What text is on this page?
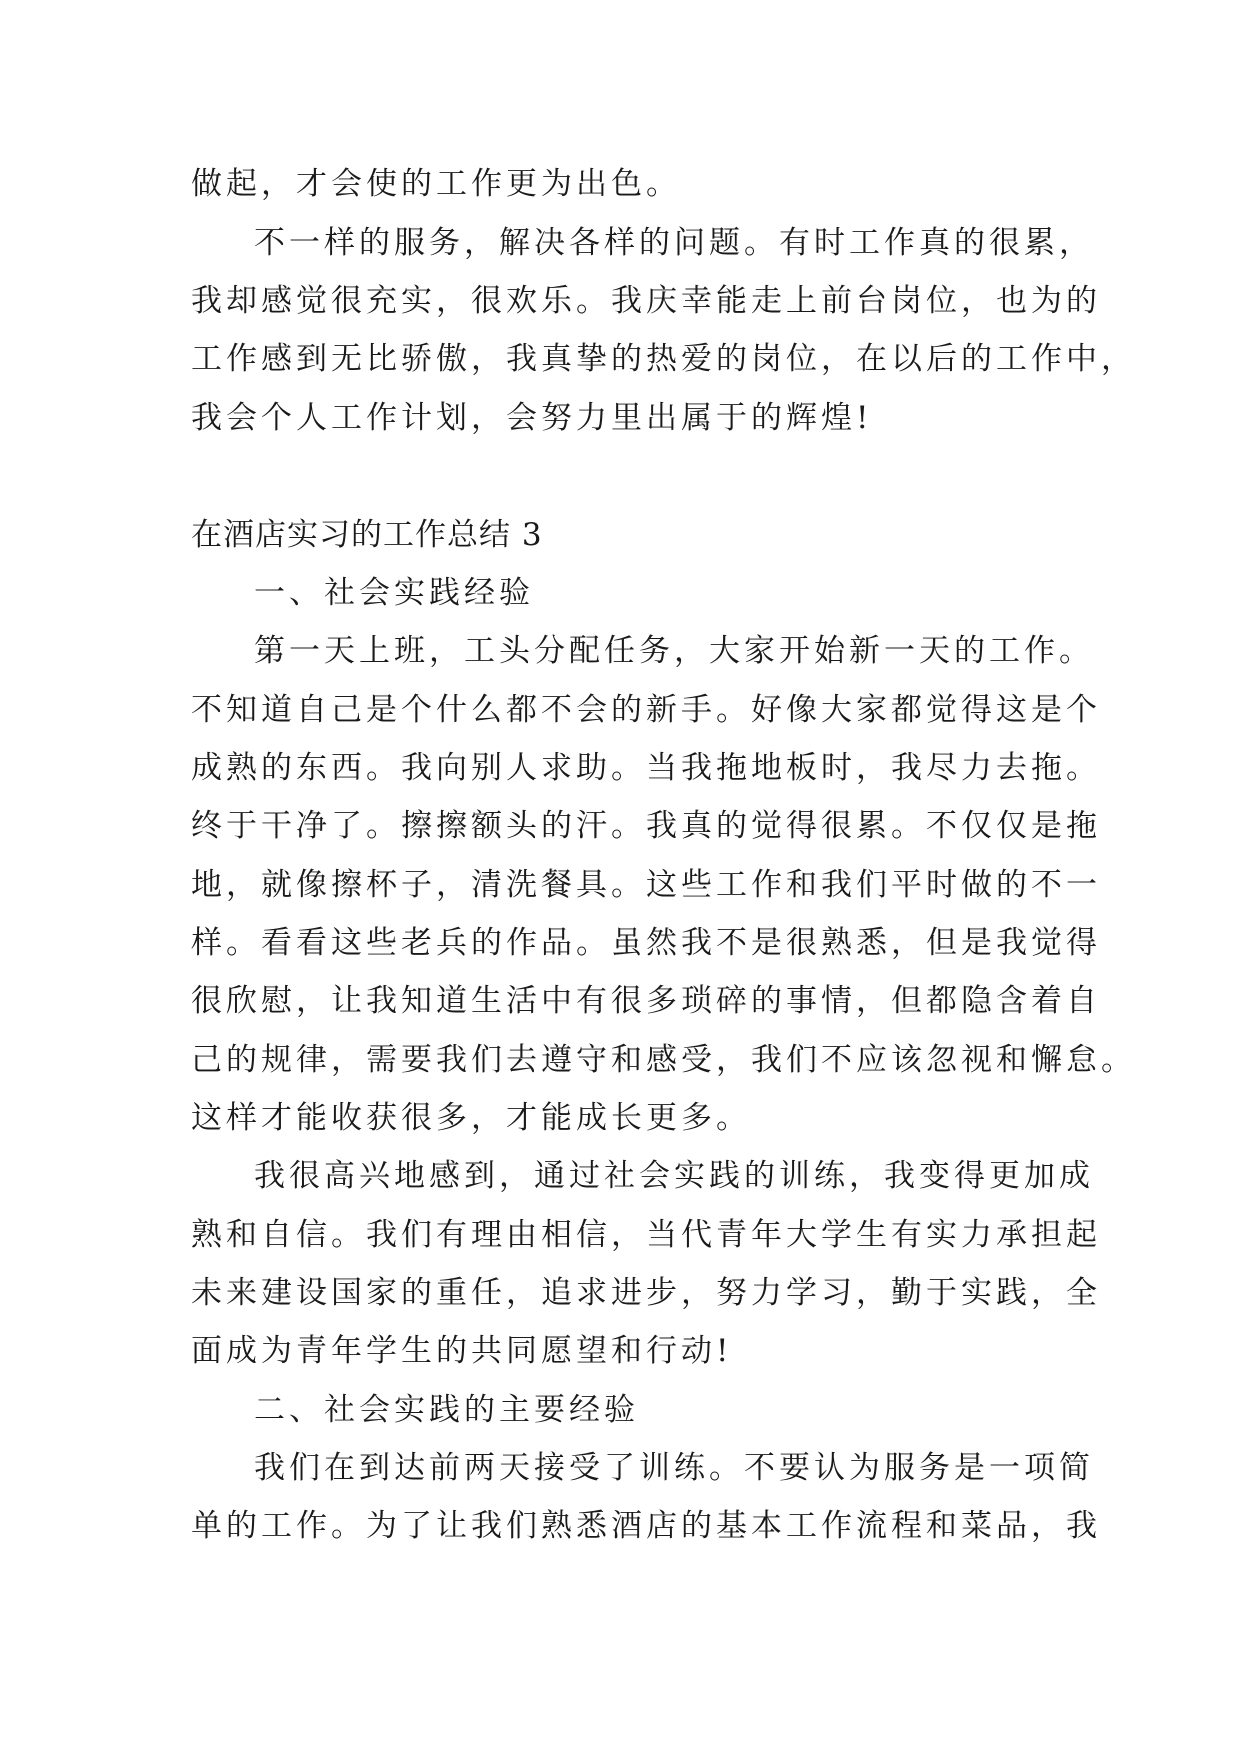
做起，才会使的工作更为出色。
不一样的服务，解决各样的问题。有时工作真的很累，
我却感觉很充实，很欢乐。我庆幸能走上前台岗位，也为的
工作感到无比骄傲，我真挚的热爱的岗位，在以后的工作中，
我会个人工作计划，会努力里出属于的辉煌!
在酒店实习的工作总结 3
一、社会实践经验
第一天上班，工头分配任务，大家开始新一天的工作。
不知道自己是个什么都不会的新手。好像大家都觉得这是个
成熟的东西。我向别人求助。当我拖地板时，我尽力去拖。
终于干净了。擦擦额头的汗。我真的觉得很累。不仅仅是拖
地，就像擦杯子，清洗餐具。这些工作和我们平时做的不一
样。看看这些老兵的作品。虽然我不是很熟悉，但是我觉得
很欣慰，让我知道生活中有很多琐碎的事情，但都隐含着自
己的规律，需要我们去遵守和感受，我们不应该忽视和懈怠。
这样才能收获很多，才能成长更多。
我很高兴地感到，通过社会实践的训练，我变得更加成
熟和自信。我们有理由相信，当代青年大学生有实力承担起
未来建设国家的重任，追求进步，努力学习，勤于实践，全
面成为青年学生的共同愿望和行动!
二、社会实践的主要经验
我们在到达前两天接受了训练。不要认为服务是一项简
单的工作。为了让我们熟悉酒店的基本工作流程和菜品，我
